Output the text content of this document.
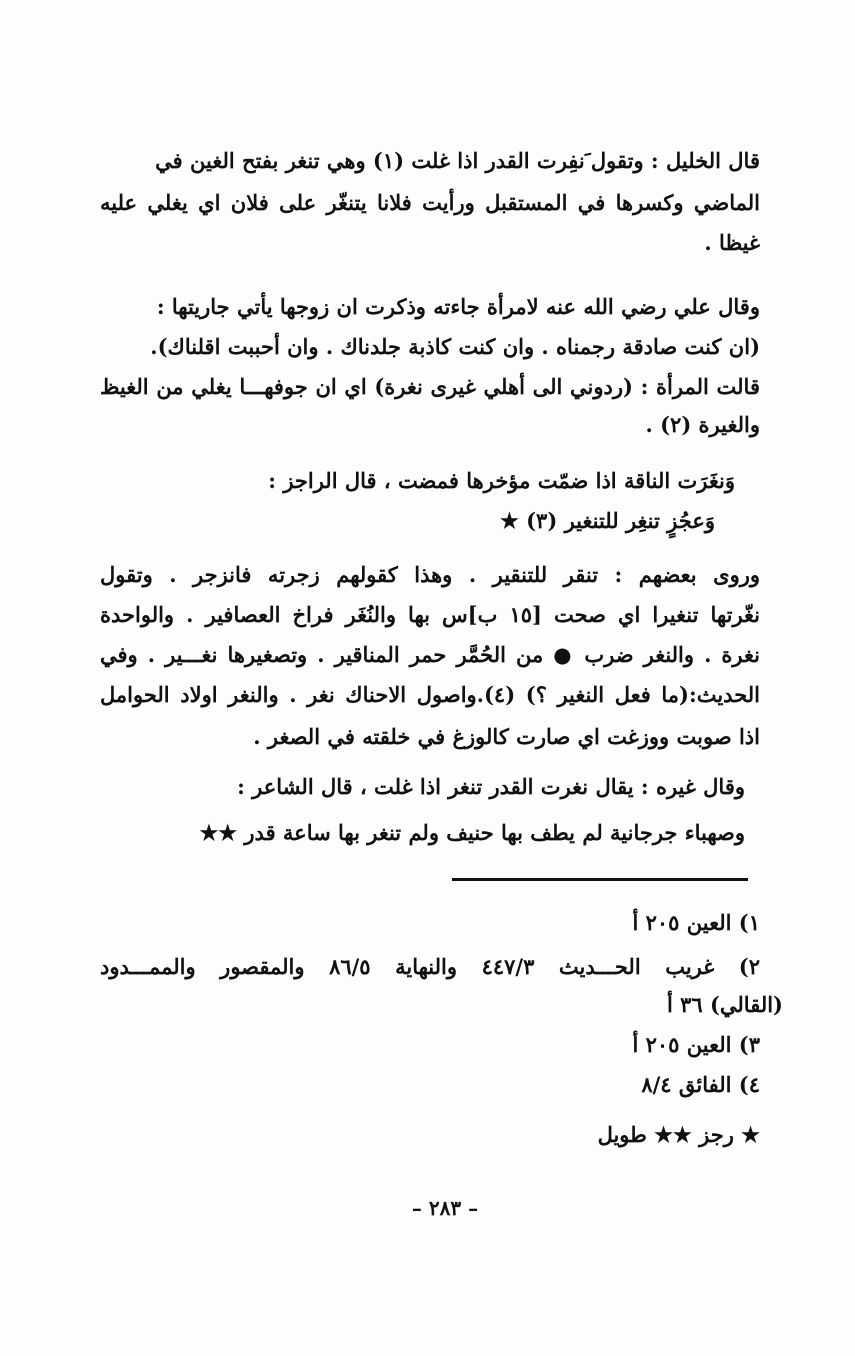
قال الخليل : وتقول َنفِرت القدر اذا غلت (١) وهي تنغر بفتح الغين في
الماضي وكسرها في المستقبل ورأيت فلانا يتنغّر على فلان اي يغلي عليه
غيظا .
وقال علي رضي الله عنه لامرأة جاءته وذكرت ان زوجها يأتي جاريتها :
(ان كنت صادقة رجمناه . وان كنت كاذبة جلدناك . وان أحببت اقلناك).
قالت المرأة : (ردوني الى أهلي غيرى نغرة) اي ان جوفهـــا يغلي من الغيظ
والغيرة (٢) .
وَنغَرَت الناقة اذا ضمّت مؤخرها فمضت ، قال الراجز :
وَعجُزٍ تنغِر للتنغير (٣) ★
وروى بعضهم : تنقر للتنقير . وهذا كقولهم زجرته فانزجر . وتقول
نغّرتها تنغيرا اي صحت [١٥ ب]س بها والنُغَر فراخ العصافير . والواحدة
نغرة . والنغر ضرب ● من الحُمَّر حمر المناقير . وتصغيرها نغـــير . وفي
الحديث:(ما فعل النغير ؟) (٤).واصول الاحناك نغر . والنغر اولاد الحوامل
اذا صوبت ووزغت اي صارت كالوزغ في خلقته في الصغر .
وقال غيره : يقال نغرت القدر تنغر اذا غلت ، قال الشاعر :
وصهباء جرجانية لم يطف بها حنيف ولم تنغر بها ساعة قدر ★★
١) العين ٢٠٥ أ
٢) غريب الحـــديث ٤٤٧/٣ والنهاية ٨٦/٥ والمقصور والممـــدود
(القالي) ٣٦ أ
٣) العين ٢٠٥ أ
٤) الفائق ٨/٤
★ رجز ★★ طويل
– ٢٨٣ –
